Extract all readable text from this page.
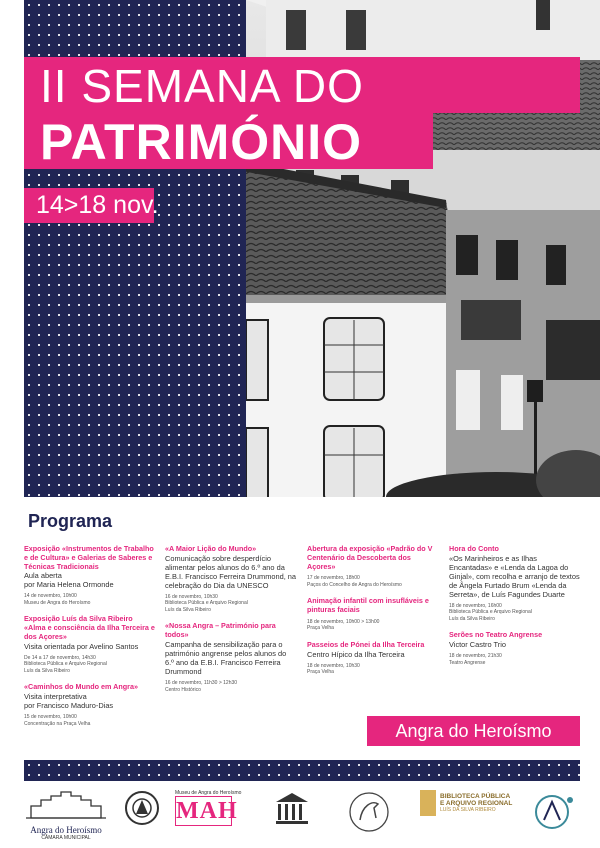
II SEMANA DO
PATRIMÓNIO
14>18 nov.
Programa
Exposição «Instrumentos de Trabalho e de Cultura» e Galerias de Saberes e Técnicas Tradicionais
Aula aberta
por Maria Helena Ormonde
14 de novembro, 10h00
Museu de Angra do Heroísmo
Exposição Luís da Silva Ribeiro «Alma e consciência da Ilha Terceira e dos Açores»
Visita orientada por Avelino Santos
De 14 a 17 de novembro, 14h30
Biblioteca Pública e Arquivo Regional
Luís da Silva Ribeiro
«Caminhos do Mundo em Angra»
Visita interpretativa
por Francisco Maduro-Dias
15 de novembro, 10h00
Concentração na Praça Velha
«A Maior Lição do Mundo»
Comunicação sobre desperdício alimentar pelos alunos do 6.º ano da E.B.I. Francisco Ferreira Drummond, na celebração do Dia da UNESCO
16 de novembro, 10h30
Biblioteca Pública e Arquivo Regional
Luís da Silva Ribeiro
«Nossa Angra – Património para todos»
Campanha de sensibilização para o património angrense pelos alunos do 6.º ano da E.B.I. Francisco Ferreira Drummond
16 de novembro, 11h30 > 12h30
Centro Histórico
Abertura da exposição «Padrão do V Centenário da Descoberta dos Açores»
17 de novembro, 18h00
Paços do Concelho de Angra do Heroísmo
Animação infantil com insufláveis e pinturas faciais
18 de novembro, 10h00 > 13h00
Praça Velha
Passeios de Pónei da Ilha Terceira
Centro Hípico da Ilha Terceira
18 de novembro, 10h30
Praça Velha
Hora do Conto
«Os Marinheiros e as Ilhas Encantadas» e «Lenda da Lagoa do Ginjal», com recolha e arranjo de textos de Ângela Furtado Brum «Lenda da Serreta», de Luís Fagundes Duarte
18 de novembro, 16h00
Biblioteca Pública e Arquivo Regional
Luís da Silva Ribeiro
Serões no Teatro Angrense
Victor Castro Trio
18 de novembro, 21h30
Teatro Angrense
Angra do Heroísmo
Angra do Heroísmo
CÂMARA MUNICIPAL
Museu de Angra do Heroísmo
MAH
BIBLIOTECA PÚBLICA
E ARQUIVO REGIONAL
LUÍS DA SILVA RIBEIRO
